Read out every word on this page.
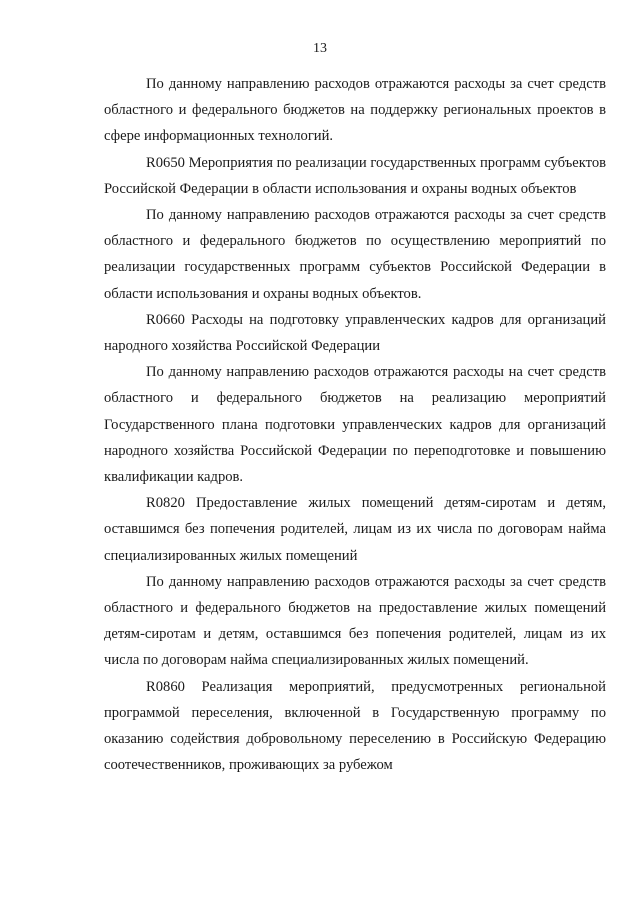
13

По данному направлению расходов отражаются расходы за счет средств областного и федерального бюджетов на поддержку региональных проектов в сфере информационных технологий.

R0650 Мероприятия по реализации государственных программ субъектов Российской Федерации в области использования и охраны водных объектов

По данному направлению расходов отражаются расходы за счет средств областного и федерального бюджетов по осуществлению мероприятий по реализации государственных программ субъектов Российской Федерации в области использования и охраны водных объектов.

R0660 Расходы на подготовку управленческих кадров для организаций народного хозяйства Российской Федерации

По данному направлению расходов отражаются расходы на счет средств областного и федерального бюджетов на реализацию мероприятий Государственного плана подготовки управленческих кадров для организаций народного хозяйства Российской Федерации по переподготовке и повышению квалификации кадров.

R0820 Предоставление жилых помещений детям-сиротам и детям, оставшимся без попечения родителей, лицам из их числа по договорам найма специализированных жилых помещений

По данному направлению расходов отражаются расходы за счет средств областного и федерального бюджетов на предоставление жилых помещений детям-сиротам и детям, оставшимся без попечения родителей, лицам из их числа по договорам найма специализированных жилых помещений.

R0860 Реализация мероприятий, предусмотренных региональной программой переселения, включенной в Государственную программу по оказанию содействия добровольному переселению в Российскую Федерацию соотечественников, проживающих за рубежом
